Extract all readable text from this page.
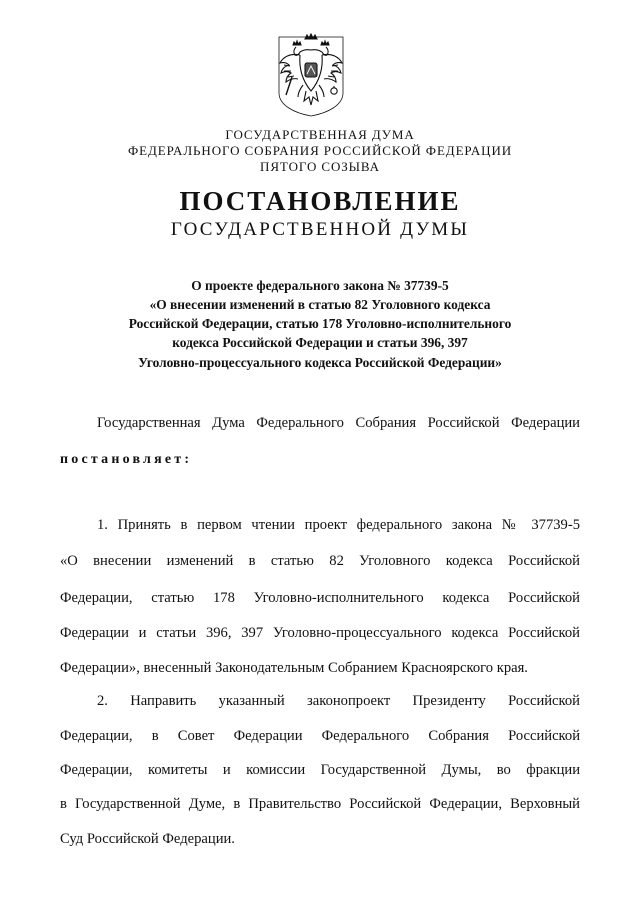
ГОСУДАРСТВЕННАЯ ДУМА
ФЕДЕРАЛЬНОГО СОБРАНИЯ РОССИЙСКОЙ ФЕДЕРАЦИИ
ПЯТОГО СОЗЫВА
ПОСТАНОВЛЕНИЕ
ГОСУДАРСТВЕННОЙ ДУМЫ
О проекте федерального закона № 37739-5
«О внесении изменений в статью 82 Уголовного кодекса
Российской Федерации, статью 178 Уголовно-исполнительного
кодекса Российской Федерации и статьи 396, 397
Уголовно-процессуального кодекса Российской Федерации»
Государственная Дума Федерального Собрания Российской Федерации
постановляет:
1. Принять в первом чтении проект федерального закона № 37739-5
«О внесении изменений в статью 82 Уголовного кодекса Российской
Федерации, статью 178 Уголовно-исполнительного кодекса Российской
Федерации и статьи 396, 397 Уголовно-процессуального кодекса Российской
Федерации», внесенный Законодательным Собранием Красноярского края.
2. Направить указанный законопроект Президенту Российской
Федерации, в Совет Федерации Федерального Собрания Российской
Федерации, комитеты и комиссии Государственной Думы, во фракции
в Государственной Думе, в Правительство Российской Федерации, Верховный
Суд Российской Федерации.
